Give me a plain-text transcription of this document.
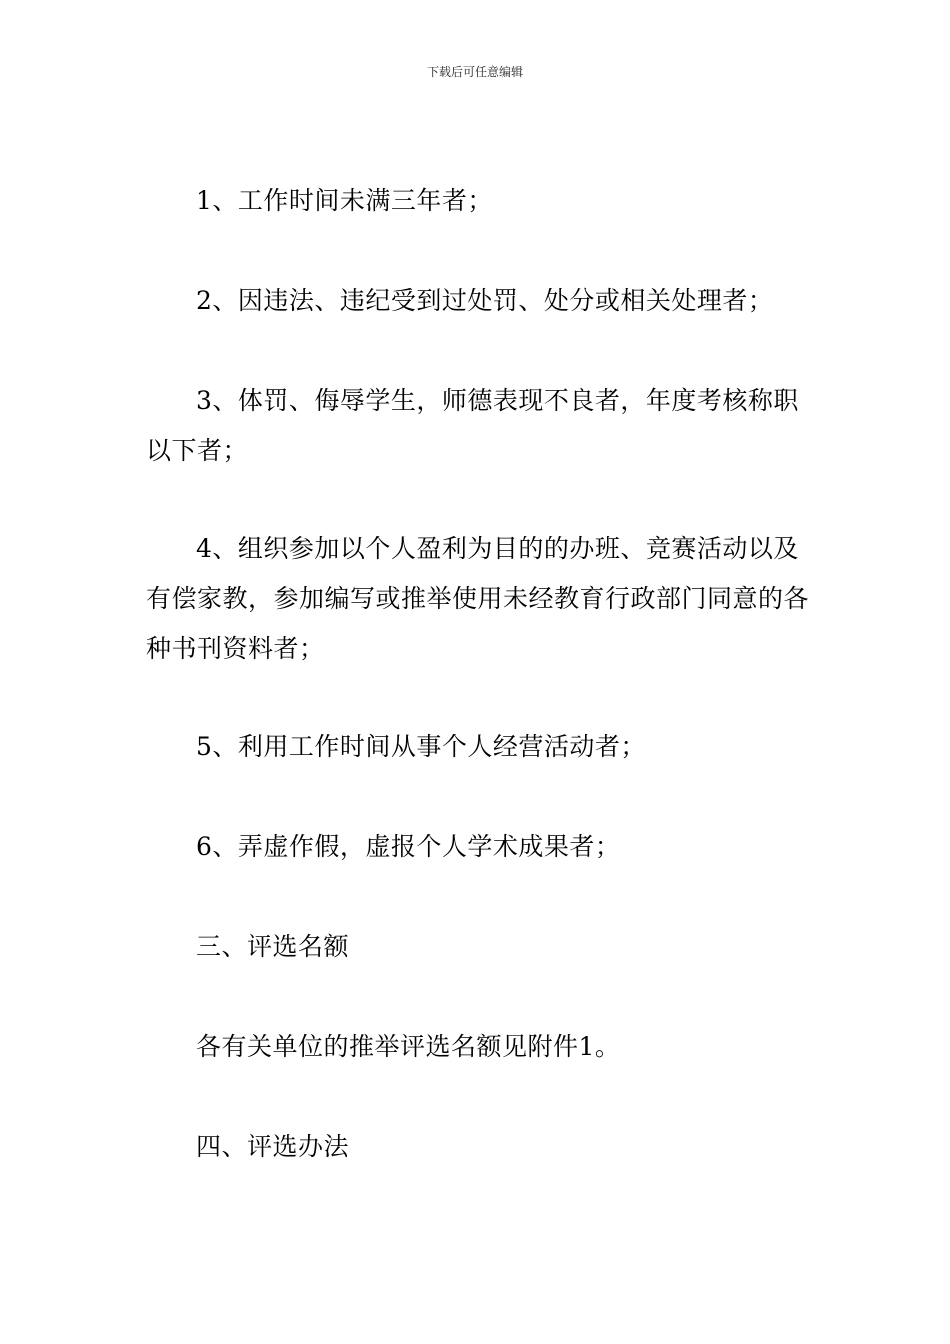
下载后可任意编辑

1、工作时间未满三年者；

2、因违法、违纪受到过处罚、处分或相关处理者；

3、体罚、侮辱学生，师德表现不良者，年度考核称职以下者；

4、组织参加以个人盈利为目的的办班、竞赛活动以及有偿家教，参加编写或推举使用未经教育行政部门同意的各种书刊资料者；

5、利用工作时间从事个人经营活动者；

6、弄虚作假，虚报个人学术成果者；

三、评选名额

各有关单位的推举评选名额见附件1。

四、评选办法
